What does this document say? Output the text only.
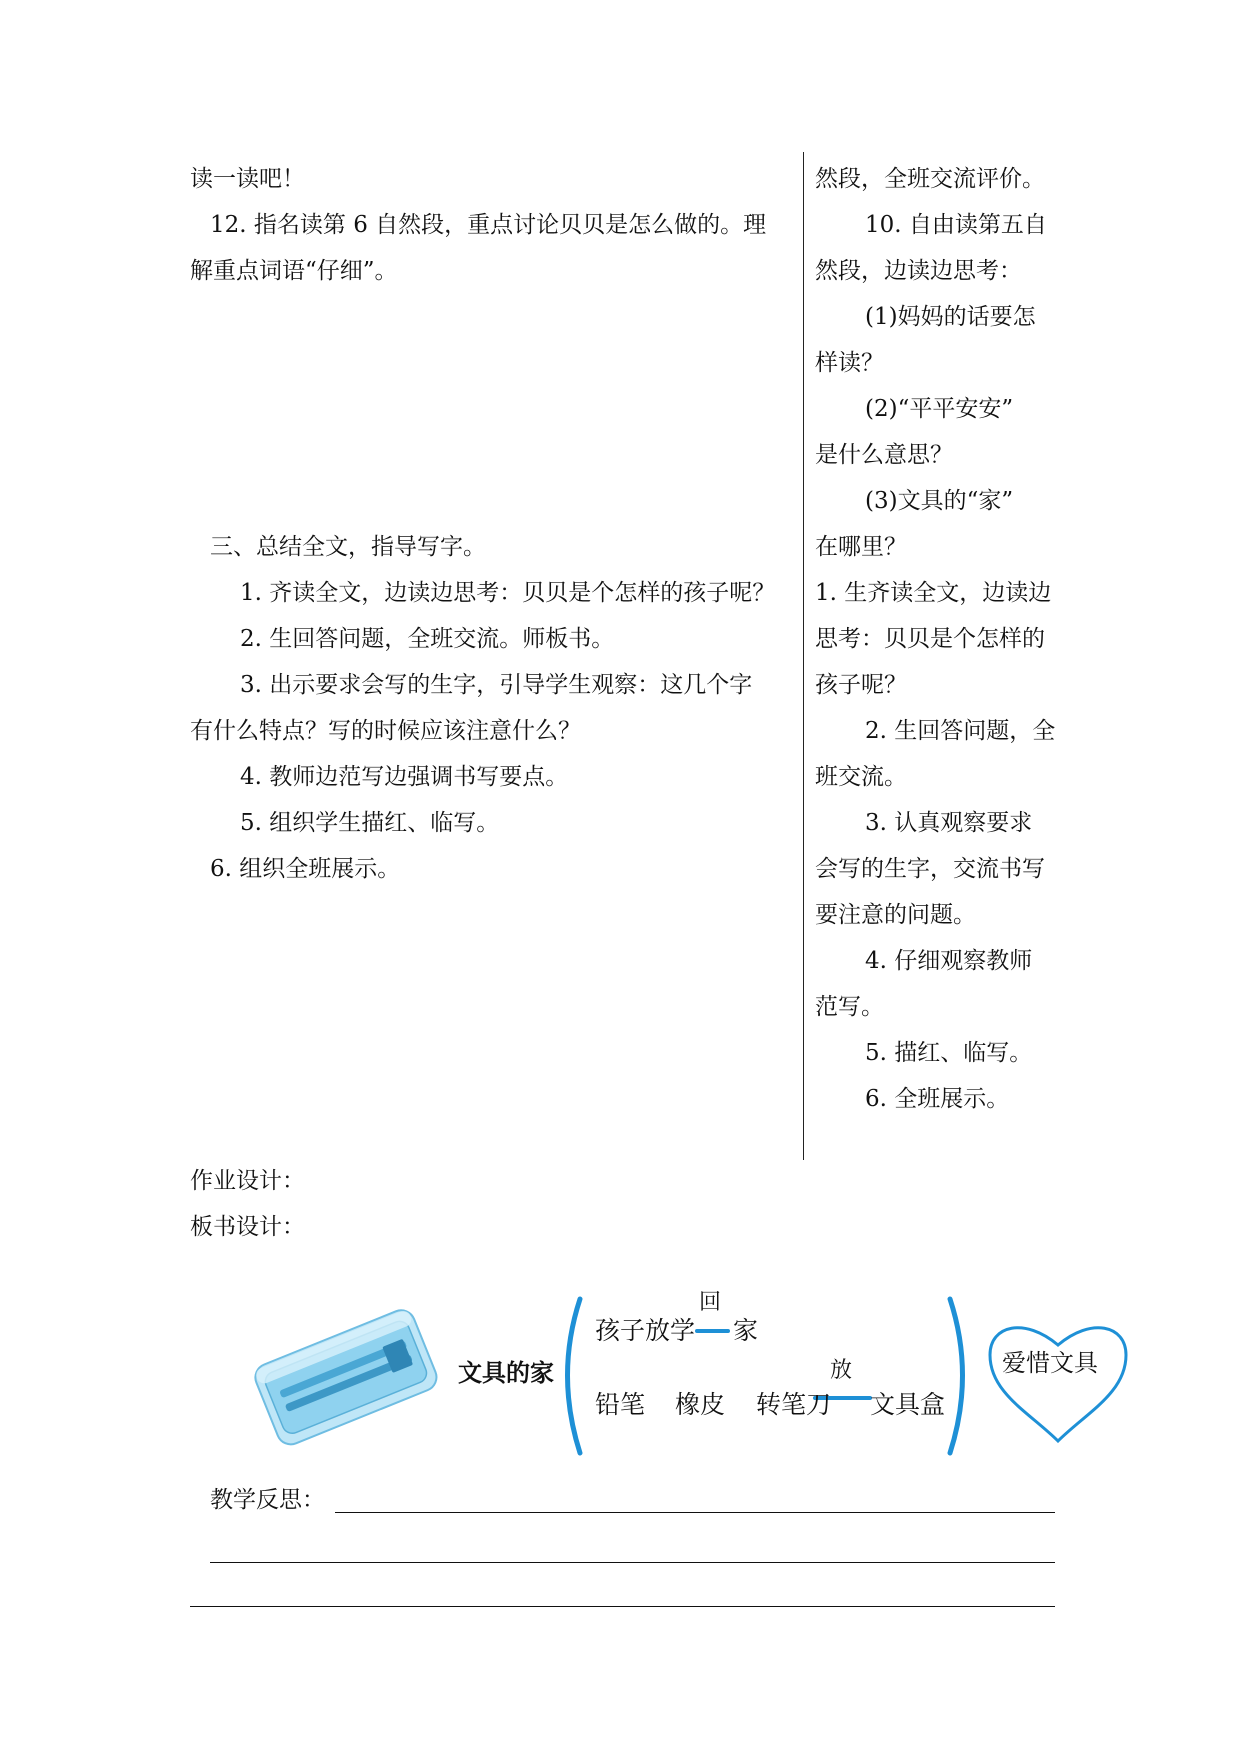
读一读吧！
12. 指名读第 6 自然段，重点讨论贝贝是怎么做的。理
解重点词语“仔细”。
三、总结全文，指导写字。
1. 齐读全文，边读边思考：贝贝是个怎样的孩子呢？
2. 生回答问题，全班交流。师板书。
3. 出示要求会写的生字，引导学生观察：这几个字
有什么特点？写的时候应该注意什么？
4. 教师边范写边强调书写要点。
5. 组织学生描红、临写。
6. 组织全班展示。
然段，全班交流评价。
10. 自由读第五自
然段，边读边思考：
(1)妈妈的话要怎
样读？
(2)“平平安安”
是什么意思？
(3)文具的“家”
在哪里？
1. 生齐读全文，边读边
思考：贝贝是个怎样的
孩子呢？
2. 生回答问题，全
班交流。
3. 认真观察要求
会写的生字，交流书写
要注意的问题。
4. 仔细观察教师
范写。
5. 描红、临写。
6. 全班展示。
作业设计：
板书设计：
文具的家
孩子放学
回
家
铅笔 橡皮 转笔刀
放
文具盒
爱惜文具
教学反思：
